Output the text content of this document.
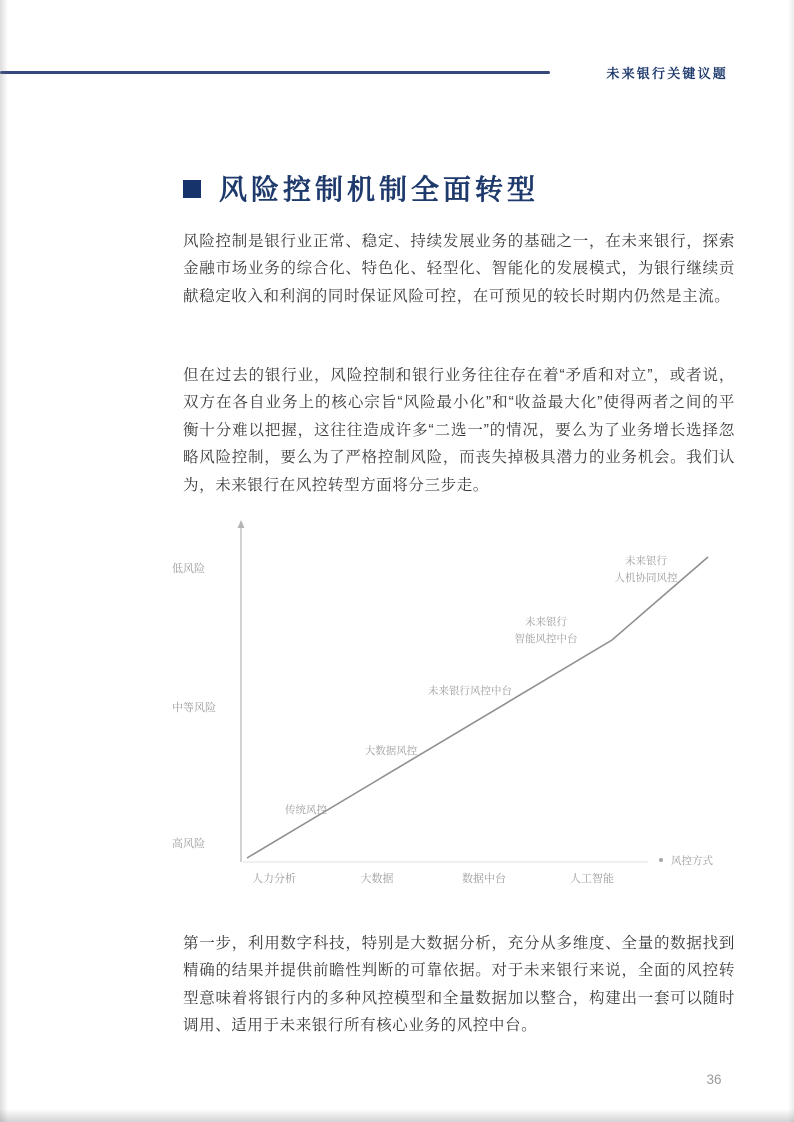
未来银行关键议题
风险控制机制全面转型

风险控制是银行业正常、稳定、持续发展业务的基础之一，在未来银行，探索金融市场业务的综合化、特色化、轻型化、智能化的发展模式，为银行继续贡献稳定收入和利润的同时保证风险可控，在可预见的较长时期内仍然是主流。

但在过去的银行业，风险控制和银行业务往往存在着“矛盾和对立”，或者说，双方在各自业务上的核心宗旨“风险最小化”和“收益最大化”使得两者之间的平衡十分难以把握，这往往造成许多“二选一”的情况，要么为了业务增长选择忽略风险控制，要么为了严格控制风险，而丧失掉极具潜力的业务机会。我们认为，未来银行在风控转型方面将分三步走。

低风险
中等风险
高风险
人力分析	大数据	数据中台	人工智能
传统风控
大数据风控
未来银行风控中台
未来银行
智能风控中台
未来银行
人机协同风控
风控方式

第一步，利用数字科技，特别是大数据分析，充分从多维度、全量的数据找到精确的结果并提供前瞻性判断的可靠依据。对于未来银行来说，全面的风控转型意味着将银行内的多种风控模型和全量数据加以整合，构建出一套可以随时调用、适用于未来银行所有核心业务的风控中台。

36
